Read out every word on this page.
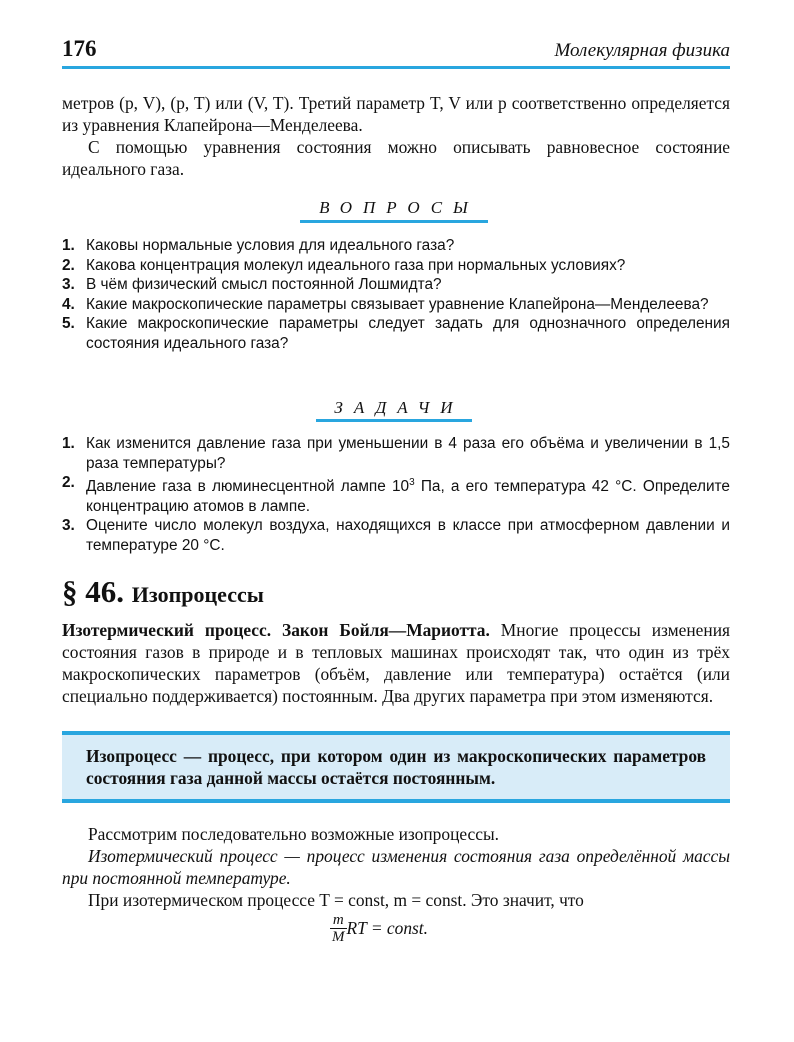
176	Молекулярная физика

метров (p, V), (p, T) или (V, T). Третий параметр T, V или p соответственно определяется из уравнения Клапейрона—Менделеева.

С помощью уравнения состояния можно описывать равновесное состояние идеального газа.

ВОПРОСЫ
1. Каковы нормальные условия для идеального газа?
2. Какова концентрация молекул идеального газа при нормальных условиях?
3. В чём физический смысл постоянной Лошмидта?
4. Какие макроскопические параметры связывает уравнение Клапейрона—Менделеева?
5. Какие макроскопические параметры следует задать для однозначного определения состояния идеального газа?
ЗАДАЧИ
1. Как изменится давление газа при уменьшении в 4 раза его объёма и увеличении в 1,5 раза температуры?
2. Давление газа в люминесцентной лампе $10^3$ Па, а его температура 42 °С. Определите концентрацию атомов в лампе.
3. Оцените число молекул воздуха, находящихся в классе при атмосферном давлении и температуре 20 °С.
§ 46. Изопроцессы

Изотермический процесс. Закон Бойля—Мариотта. Многие процессы изменения состояния газов в природе и в тепловых машинах происходят так, что один из трёх макроскопических параметров (объём, давление или температура) остаётся (или специально поддерживается) постоянным. Два других параметра при этом изменяются.

Изопроцесс — процесс, при котором один из макроскопических параметров состояния газа данной массы остаётся постоянным.

Рассмотрим последовательно возможные изопроцессы.

Изотермический процесс — процесс изменения состояния газа определённой массы при постоянной температуре.

При изотермическом процессе T = const, m = const. Это значит, что

$\frac{m}{M}$ RT = const.
